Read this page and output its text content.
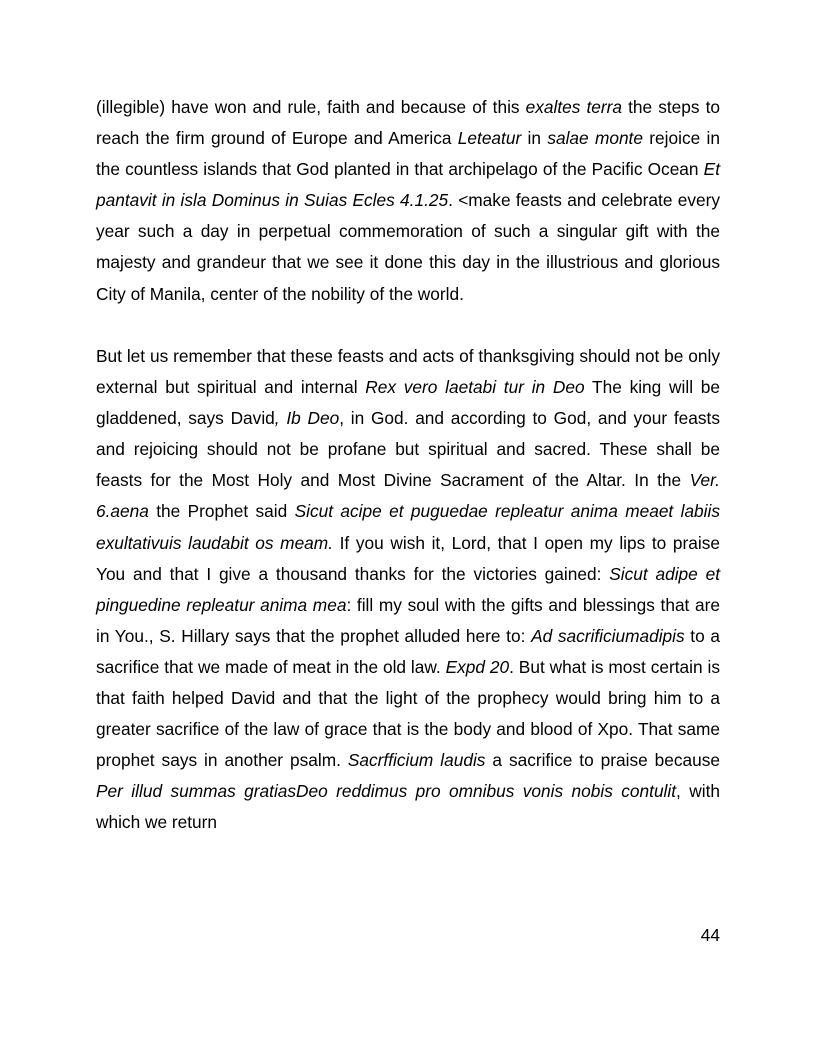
(illegible) have won and rule, faith and because of this exaltes terra the steps to reach the firm ground of Europe and America Leteatur in salae monte rejoice in the countless islands that God planted in that archipelago of the Pacific Ocean Et pantavit in isla Dominus in Suias Ecles 4.1.25. <make feasts and celebrate every year such a day in perpetual commemoration of such a singular gift with the majesty and grandeur that we see it done this day in the illustrious and glorious City of Manila, center of the nobility of the world.

But let us remember that these feasts and acts of thanksgiving should not be only external but spiritual and internal Rex vero laetabi tur in Deo The king will be gladdened, says David, Ib Deo, in God. and according to God, and your feasts and rejoicing should not be profane but spiritual and sacred. These shall be feasts for the Most Holy and Most Divine Sacrament of the Altar. In the Ver. 6.aena the Prophet said Sicut acipe et puguedae repleatur anima meaet labiis exultativuis laudabit os meam. If you wish it, Lord, that I open my lips to praise You and that I give a thousand thanks for the victories gained: Sicut adipe et pinguedine repleatur anima mea: fill my soul with the gifts and blessings that are in You., S. Hillary says that the prophet alluded here to: Ad sacrificiumadipis to a sacrifice that we made of meat in the old law. Expd 20. But what is most certain is that faith helped David and that the light of the prophecy would bring him to a greater sacrifice of the law of grace that is the body and blood of Xpo. That same prophet says in another psalm. Sacrfficium laudis a sacrifice to praise because Per illud summas gratiasDeo reddimus pro omnibus vonis nobis contulit, with which we return

44
